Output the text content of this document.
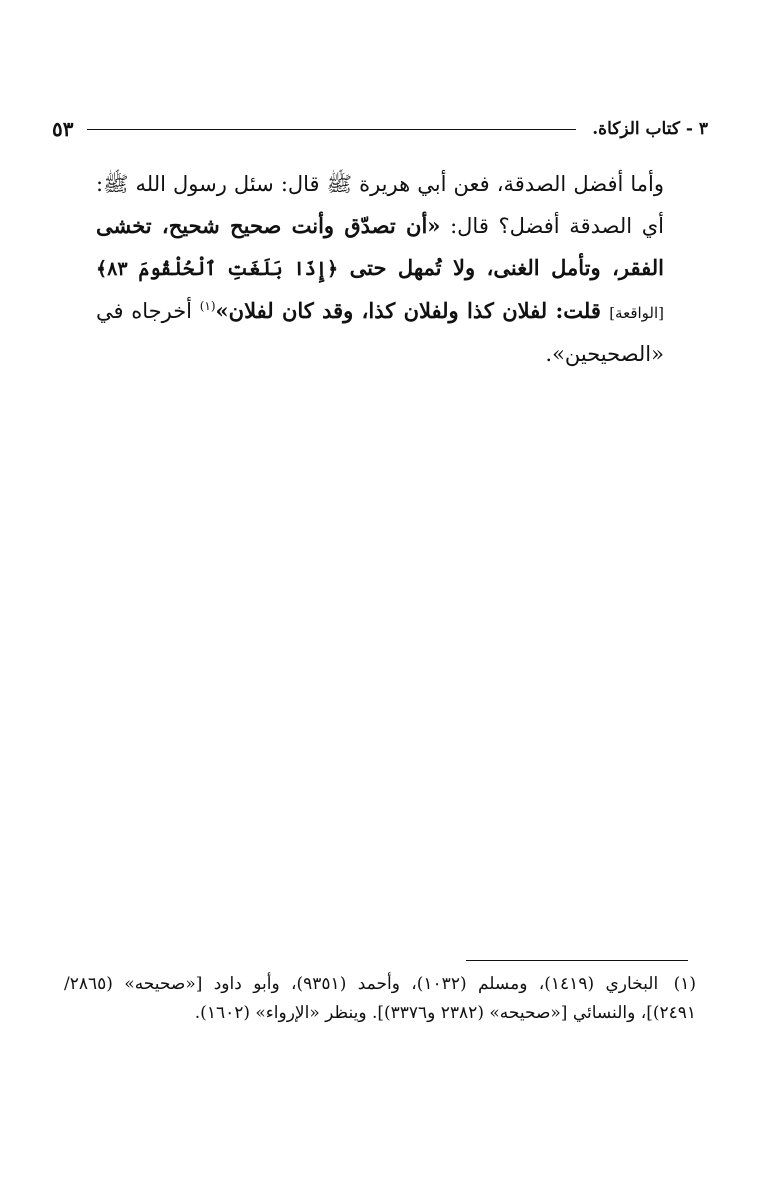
٣ - كتاب الزكاة.
٥٣
وأما أفضل الصدقة، فعن أبي هريرة ﷺ قال: سئل رسول الله ﷺ: أي الصدقة أفضل؟ قال: «أن تصدّق وأنت صحيح شحيح، تخشى الفقر، وتأمل الغنى، ولا تُمهل حتى ﴿إِذَا بَلَغَتِ ٱلْحُلْقُومَ ٨٣﴾ [الواقعة] قلت: لفلان كذا ولفلان كذا، وقد كان لفلان»$^{(١)}$ أخرجاه في «الصحيحين».
(١) البخاري (١٤١٩)، ومسلم (١٠٣٢)، وأحمد (٩٣٥١)، وأبو داود [«صحيحه» (٢٨٦٥/ ٢٤٩١)]، والنسائي [«صحيحه» (٢٣٨٢ و٣٣٧٦)]. وينظر «الإرواء» (١٦٠٢).
